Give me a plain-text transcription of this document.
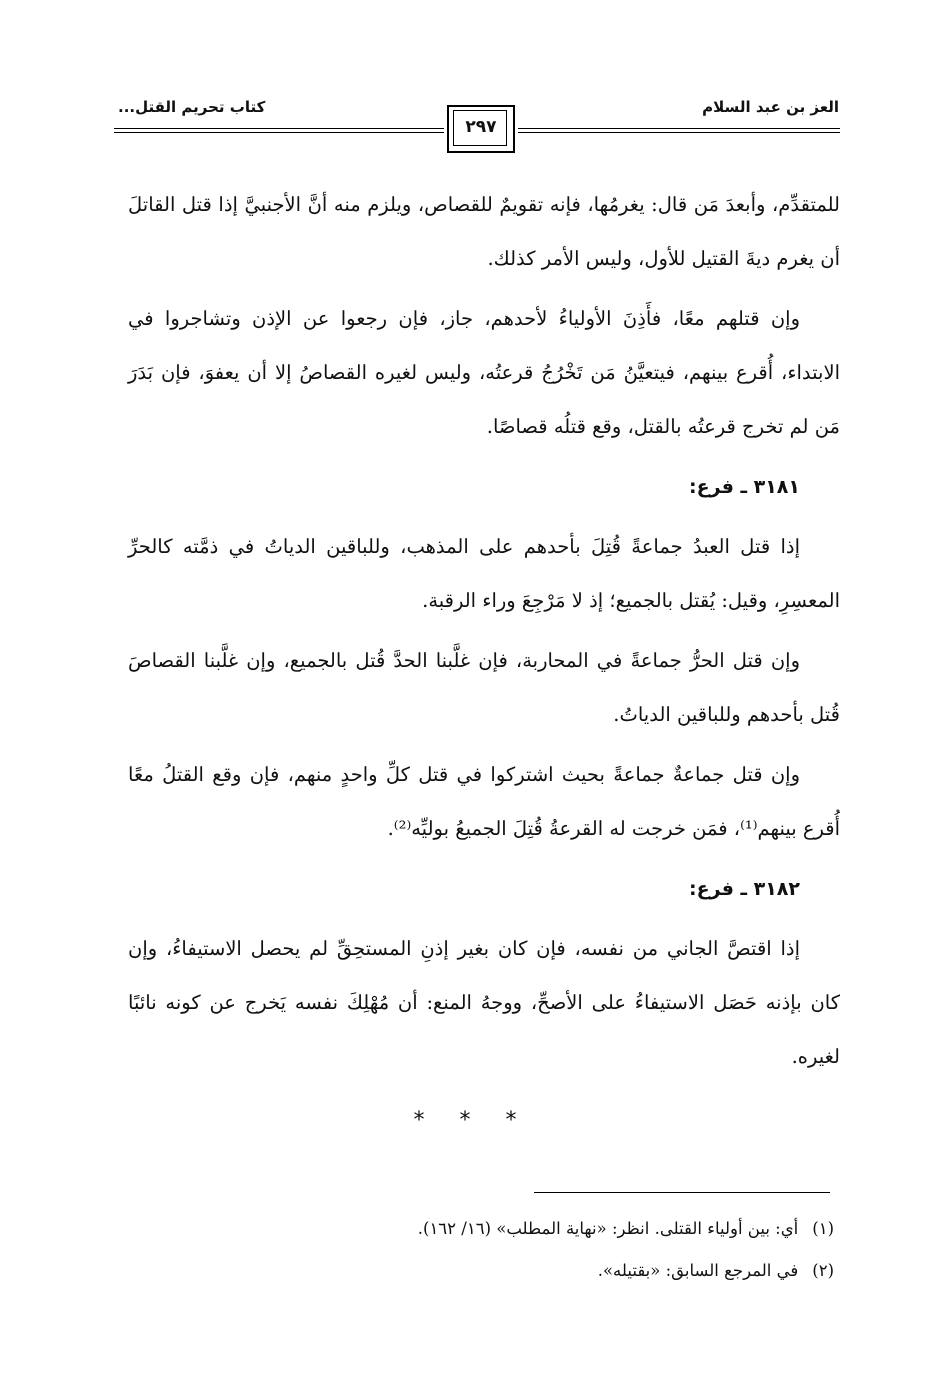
العز بن عبد السلام
كتاب تحريم القتل...
٢٩٧

للمتقدِّم، وأبعدَ مَن قال: يغرمُها، فإنه تقويمٌ للقصاص، ويلزم منه أنَّ الأجنبيَّ إذا قتل القاتلَ أن يغرم ديةَ القتيل للأول، وليس الأمر كذلك.

وإن قتلهم معًا، فأَذِنَ الأولياءُ لأحدهم، جاز، فإن رجعوا عن الإذن وتشاجروا في الابتداء، أُقرع بينهم، فيتعيَّنُ مَن تَخْرُجُ قرعتُه، وليس لغيره القصاصُ إلا أن يعفوَ، فإن بَدَرَ مَن لم تخرج قرعتُه بالقتل، وقع قتلُه قصاصًا.

٣١٨١ ـ فرع:

إذا قتل العبدُ جماعةً قُتِلَ بأحدهم على المذهب، وللباقين الدياتُ في ذمَّته كالحرِّ المعسِرِ، وقيل: يُقتل بالجميع؛ إذ لا مَرْجِعَ وراء الرقبة.

وإن قتل الحرُّ جماعةً في المحاربة، فإن غلَّبنا الحدَّ قُتل بالجميع، وإن غلَّبنا القصاصَ قُتل بأحدهم وللباقين الدياتُ.

وإن قتل جماعةٌ جماعةً بحيث اشتركوا في قتل كلِّ واحدٍ منهم، فإن وقع القتلُ معًا أُقرع بينهم⁽¹⁾، فمَن خرجت له القرعةُ قُتِلَ الجميعُ بوليِّه⁽²⁾.

٣١٨٢ ـ فرع:

إذا اقتصَّ الجاني من نفسه، فإن كان بغير إذنِ المستحِقِّ لم يحصل الاستيفاءُ، وإن كان بإذنه حَصَل الاستيفاءُ على الأصحِّ، ووجهُ المنع: أن مُهْلِكَ نفسه يَخرج عن كونه نائبًا لغيره.

* * *
(١)أي: بين أولياء القتلى. انظر: «نهاية المطلب» (١٦/ ١٦٢).
(٢)في المرجع السابق: «بقتيله».
